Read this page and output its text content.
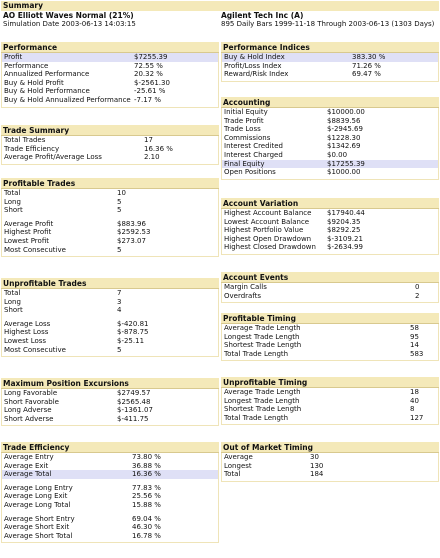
Summary
AO Elliott Waves Normal (21%)	Agilent Tech Inc (A)
Simulation Date 2003-06-13 14:03:15	895 Daily Bars 1999-11-18 Through 2003-06-13 (1303 Days)
Performance
Profit	$7255.39
Performance	72.55 %
Annualized Performance	20.32 %
Buy & Hold Profit	$-2561.30
Buy & Hold Performance	-25.61 %
Buy & Hold Annualized Performance -7.17 %
Trade Summary
Total Trades	17
Trade Efficiency	16.36 %
Average Profit/Average Loss	2.10
Profitable Trades
Total	10
Long	5
Short	5
Average Profit	$883.96
Highest Profit	$2592.53
Lowest Profit	$273.07
Most Consecutive	5
Unprofitable Trades
Total	7
Long	3
Short	4
Average Loss	$-420.81
Highest Loss	$-878.75
Lowest Loss	$-25.11
Most Consecutive	5
Maximum Position Excursions
Long Favorable	$2749.57
Short Favorable	$2565.48
Long Adverse	$-1361.07
Short Adverse	$-411.75
Trade Efficiency
Average Entry	73.80 %
Average Exit	36.88 %
Average Total	16.36 %
Average Long Entry	77.83 %
Average Long Exit	25.56 %
Average Long Total	15.88 %
Average Short Entry	69.04 %
Average Short Exit	46.30 %
Average Short Total	16.78 %
Performance Indices
Buy & Hold Index	383.30 %
Profit/Loss Index	71.26 %
Reward/Risk Index	69.47 %
Accounting
Initial Equity	$10000.00
Trade Profit	$8839.56
Trade Loss	$-2945.69
Commissions	$1228.30
Interest Credited	$1342.69
Interest Charged	$0.00
Final Equity	$17255.39
Open Positions	$1000.00
Account Variation
Highest Account Balance $17940.44
Lowest Account Balance	$9204.35
Highest Portfolio Value	$8292.25
Highest Open Drawdown $-3109.21
Highest Closed Drawdown $-2634.99
Account Events
Margin Calls	0
Overdrafts	2
Profitable Timing
Average Trade Length	58
Longest Trade Length	95
Shortest Trade Length	14
Total Trade Length	583
Unprofitable Timing
Average Trade Length	18
Longest Trade Length	40
Shortest Trade Length	8
Total Trade Length	127
Out of Market Timing
Average	30
Longest	130
Total	184
